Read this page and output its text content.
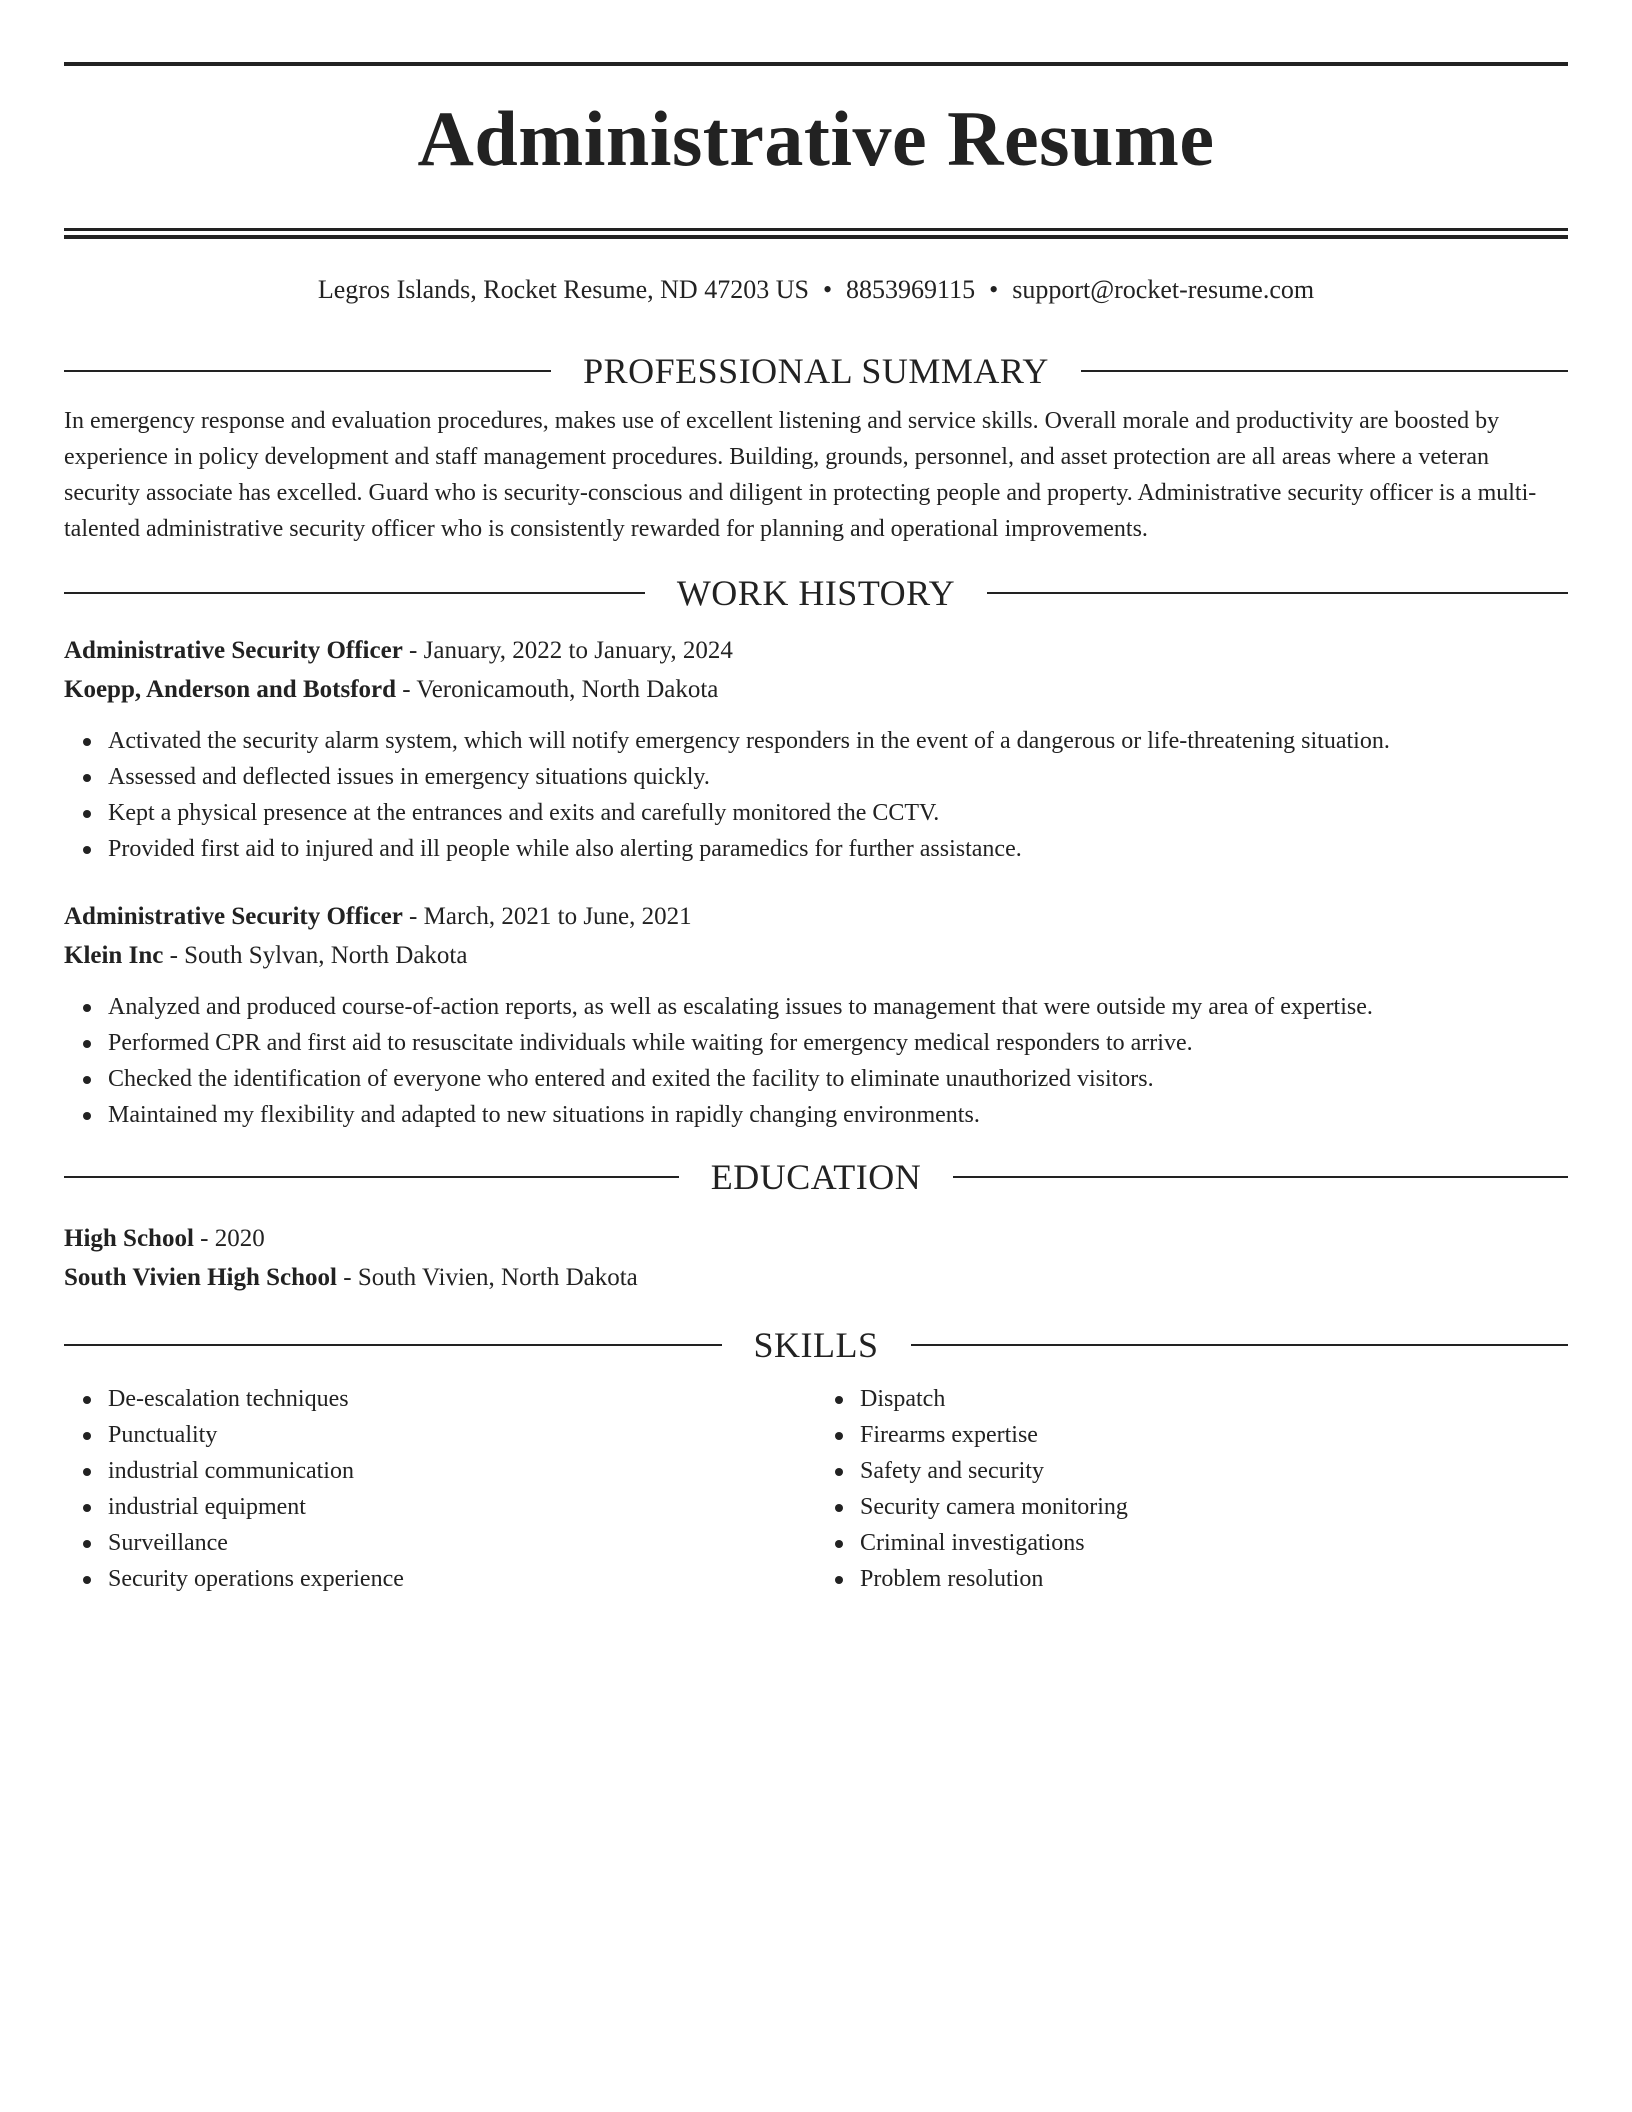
Administrative Resume
Legros Islands, Rocket Resume, ND 47203 US • 8853969115 • support@rocket-resume.com
PROFESSIONAL SUMMARY

In emergency response and evaluation procedures, makes use of excellent listening and service skills. Overall morale and productivity are boosted by experience in policy development and staff management procedures. Building, grounds, personnel, and asset protection are all areas where a veteran security associate has excelled. Guard who is security-conscious and diligent in protecting people and property. Administrative security officer is a multi-talented administrative security officer who is consistently rewarded for planning and operational improvements.

WORK HISTORY
Administrative Security Officer - January, 2022 to January, 2024
Koepp, Anderson and Botsford - Veronicamouth, North Dakota
Activated the security alarm system, which will notify emergency responders in the event of a dangerous or life-threatening situation.
Assessed and deflected issues in emergency situations quickly.
Kept a physical presence at the entrances and exits and carefully monitored the CCTV.
Provided first aid to injured and ill people while also alerting paramedics for further assistance.
Administrative Security Officer - March, 2021 to June, 2021
Klein Inc - South Sylvan, North Dakota
Analyzed and produced course-of-action reports, as well as escalating issues to management that were outside my area of expertise.
Performed CPR and first aid to resuscitate individuals while waiting for emergency medical responders to arrive.
Checked the identification of everyone who entered and exited the facility to eliminate unauthorized visitors.
Maintained my flexibility and adapted to new situations in rapidly changing environments.
EDUCATION
High School - 2020
South Vivien High School - South Vivien, North Dakota
SKILLS
De-escalation techniques
Punctuality
industrial communication
industrial equipment
Surveillance
Security operations experience
Dispatch
Firearms expertise
Safety and security
Security camera monitoring
Criminal investigations
Problem resolution
